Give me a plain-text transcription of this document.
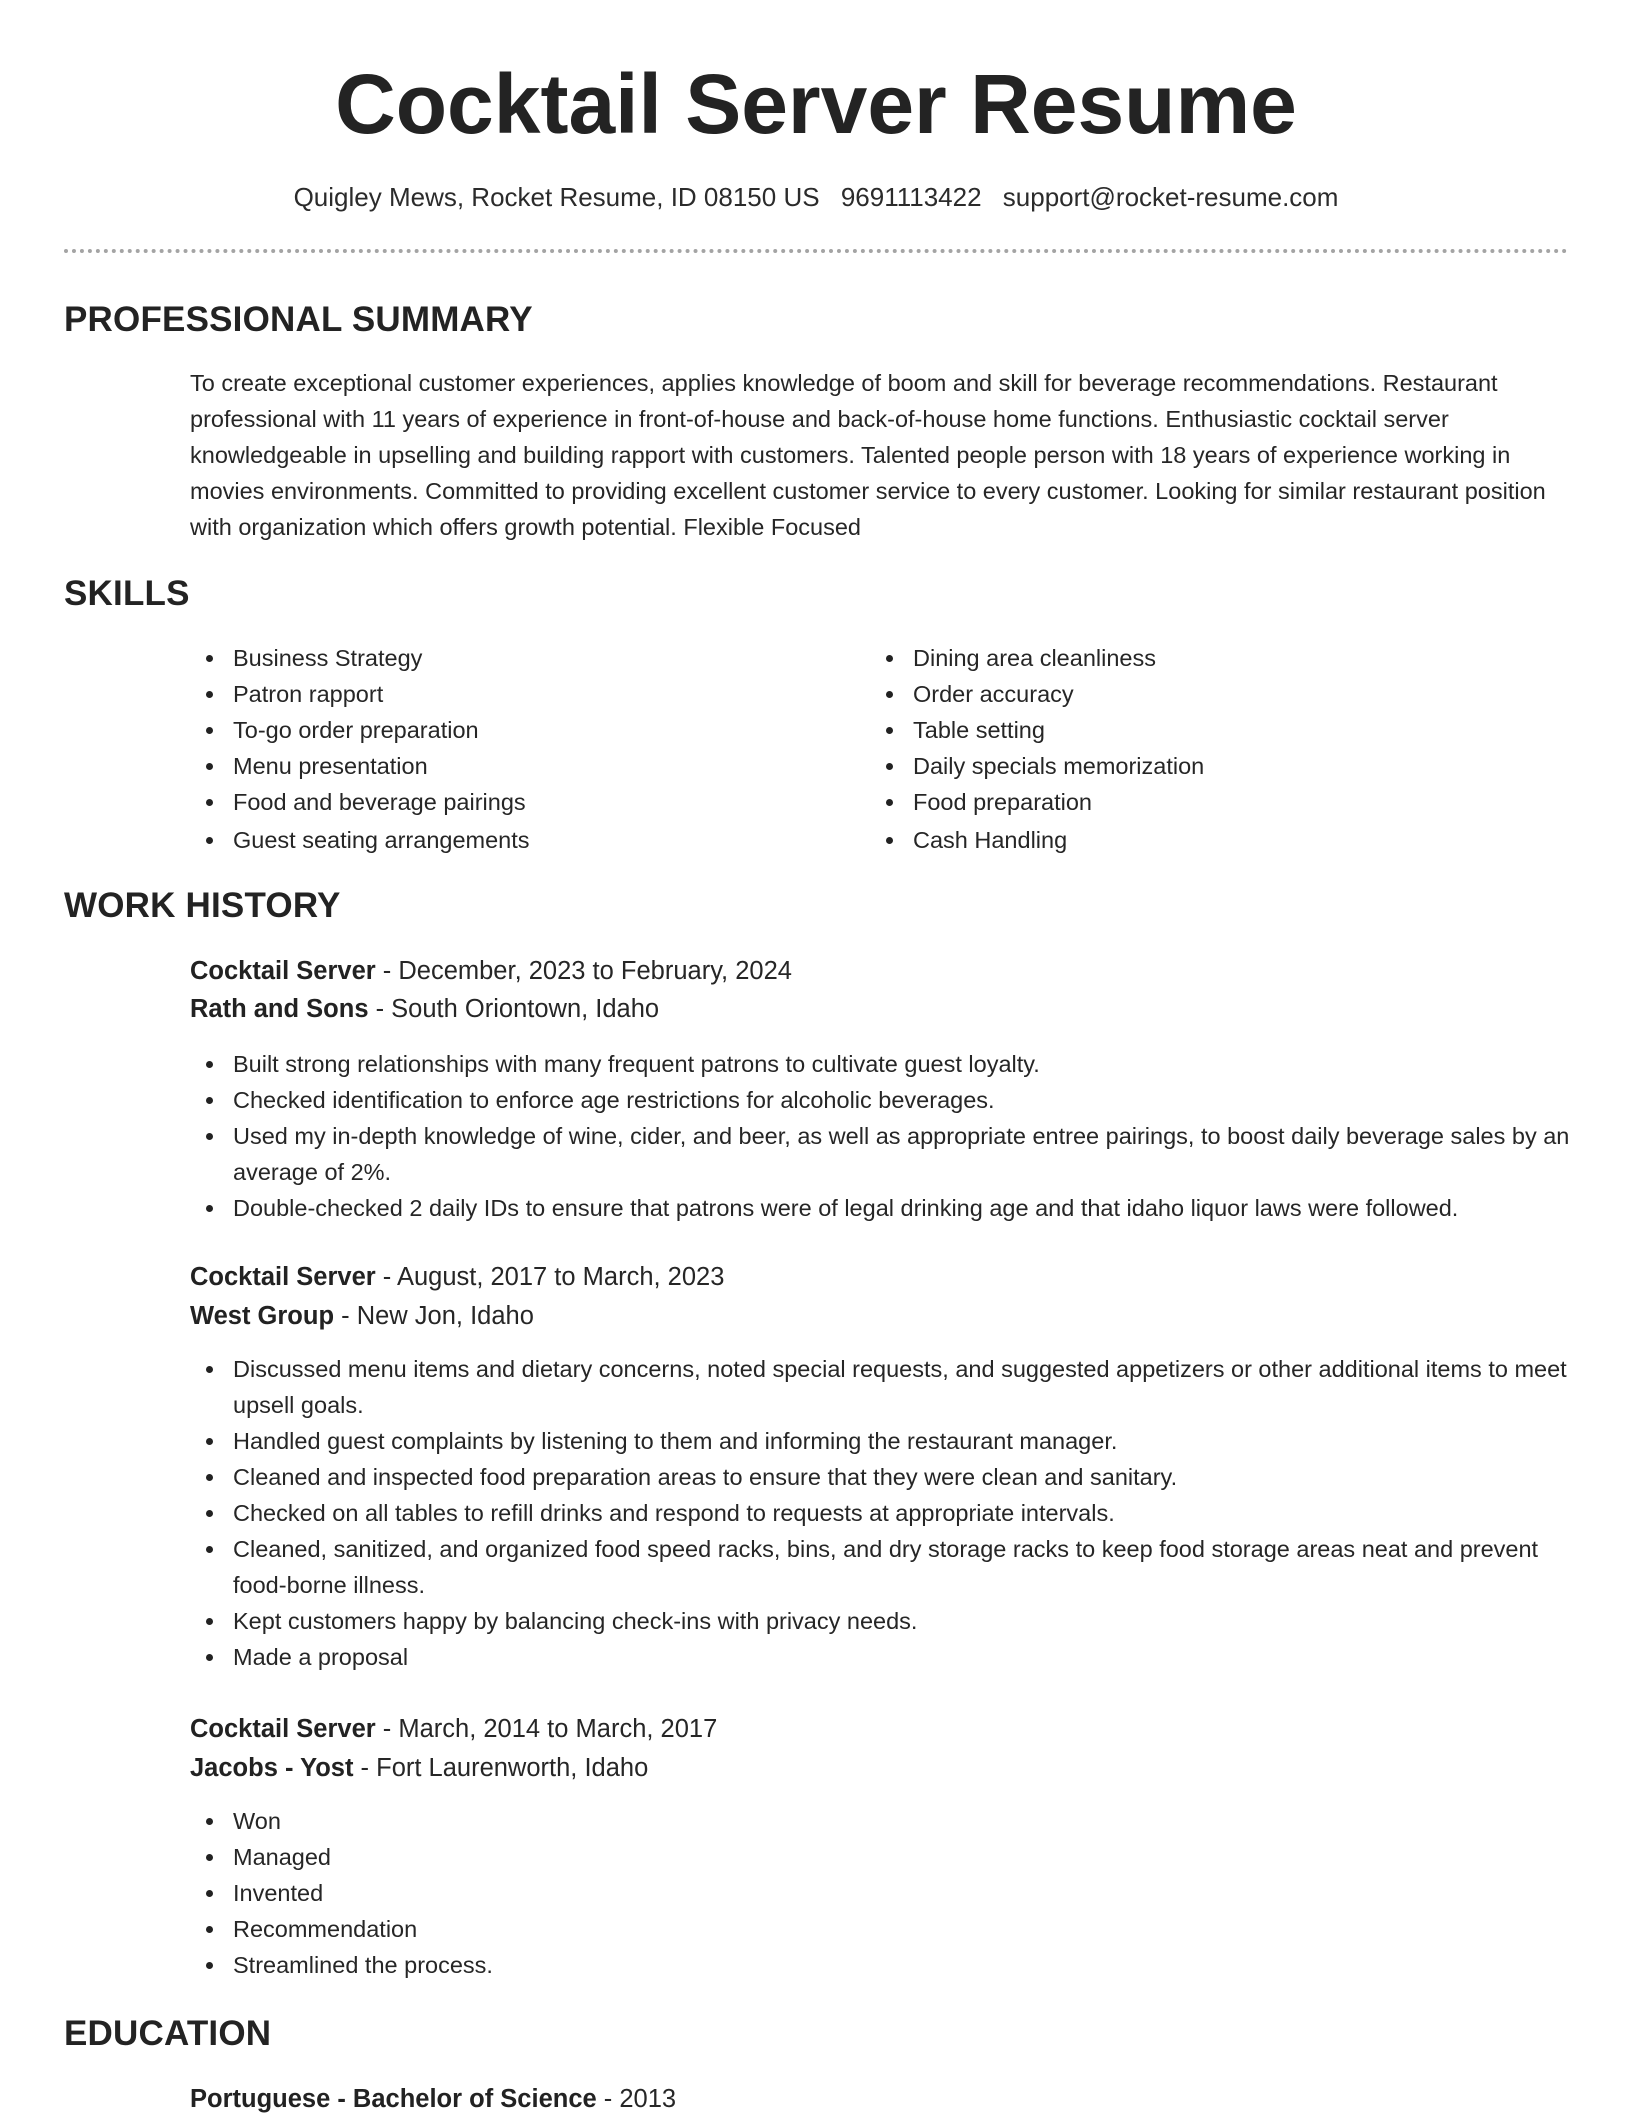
Cocktail Server Resume
Quigley Mews, Rocket Resume, ID 08150 US 9691113422 support@rocket-resume.com
PROFESSIONAL SUMMARY

To create exceptional customer experiences, applies knowledge of boom and skill for beverage recommendations. Restaurant professional with 11 years of experience in front-of-house and back-of-house home functions. Enthusiastic cocktail server knowledgeable in upselling and building rapport with customers. Talented people person with 18 years of experience working in movies environments. Committed to providing excellent customer service to every customer. Looking for similar restaurant position with organization which offers growth potential. Flexible Focused

SKILLS
Business Strategy
Patron rapport
To-go order preparation
Menu presentation
Food and beverage pairings
Guest seating arrangements
Dining area cleanliness
Order accuracy
Table setting
Daily specials memorization
Food preparation
Cash Handling
WORK HISTORY
Cocktail Server - December, 2023 to February, 2024
Rath and Sons - South Oriontown, Idaho
Built strong relationships with many frequent patrons to cultivate guest loyalty.
Checked identification to enforce age restrictions for alcoholic beverages.
Used my in-depth knowledge of wine, cider, and beer, as well as appropriate entree pairings, to boost daily beverage sales by an average of 2%.
Double-checked 2 daily IDs to ensure that patrons were of legal drinking age and that idaho liquor laws were followed.
Cocktail Server - August, 2017 to March, 2023
West Group - New Jon, Idaho
Discussed menu items and dietary concerns, noted special requests, and suggested appetizers or other additional items to meet upsell goals.
Handled guest complaints by listening to them and informing the restaurant manager.
Cleaned and inspected food preparation areas to ensure that they were clean and sanitary.
Checked on all tables to refill drinks and respond to requests at appropriate intervals.
Cleaned, sanitized, and organized food speed racks, bins, and dry storage racks to keep food storage areas neat and prevent food-borne illness.
Kept customers happy by balancing check-ins with privacy needs.
Made a proposal
Cocktail Server - March, 2014 to March, 2017
Jacobs - Yost - Fort Laurenworth, Idaho
Won
Managed
Invented
Recommendation
Streamlined the process.
EDUCATION
Portuguese - Bachelor of Science - 2013
